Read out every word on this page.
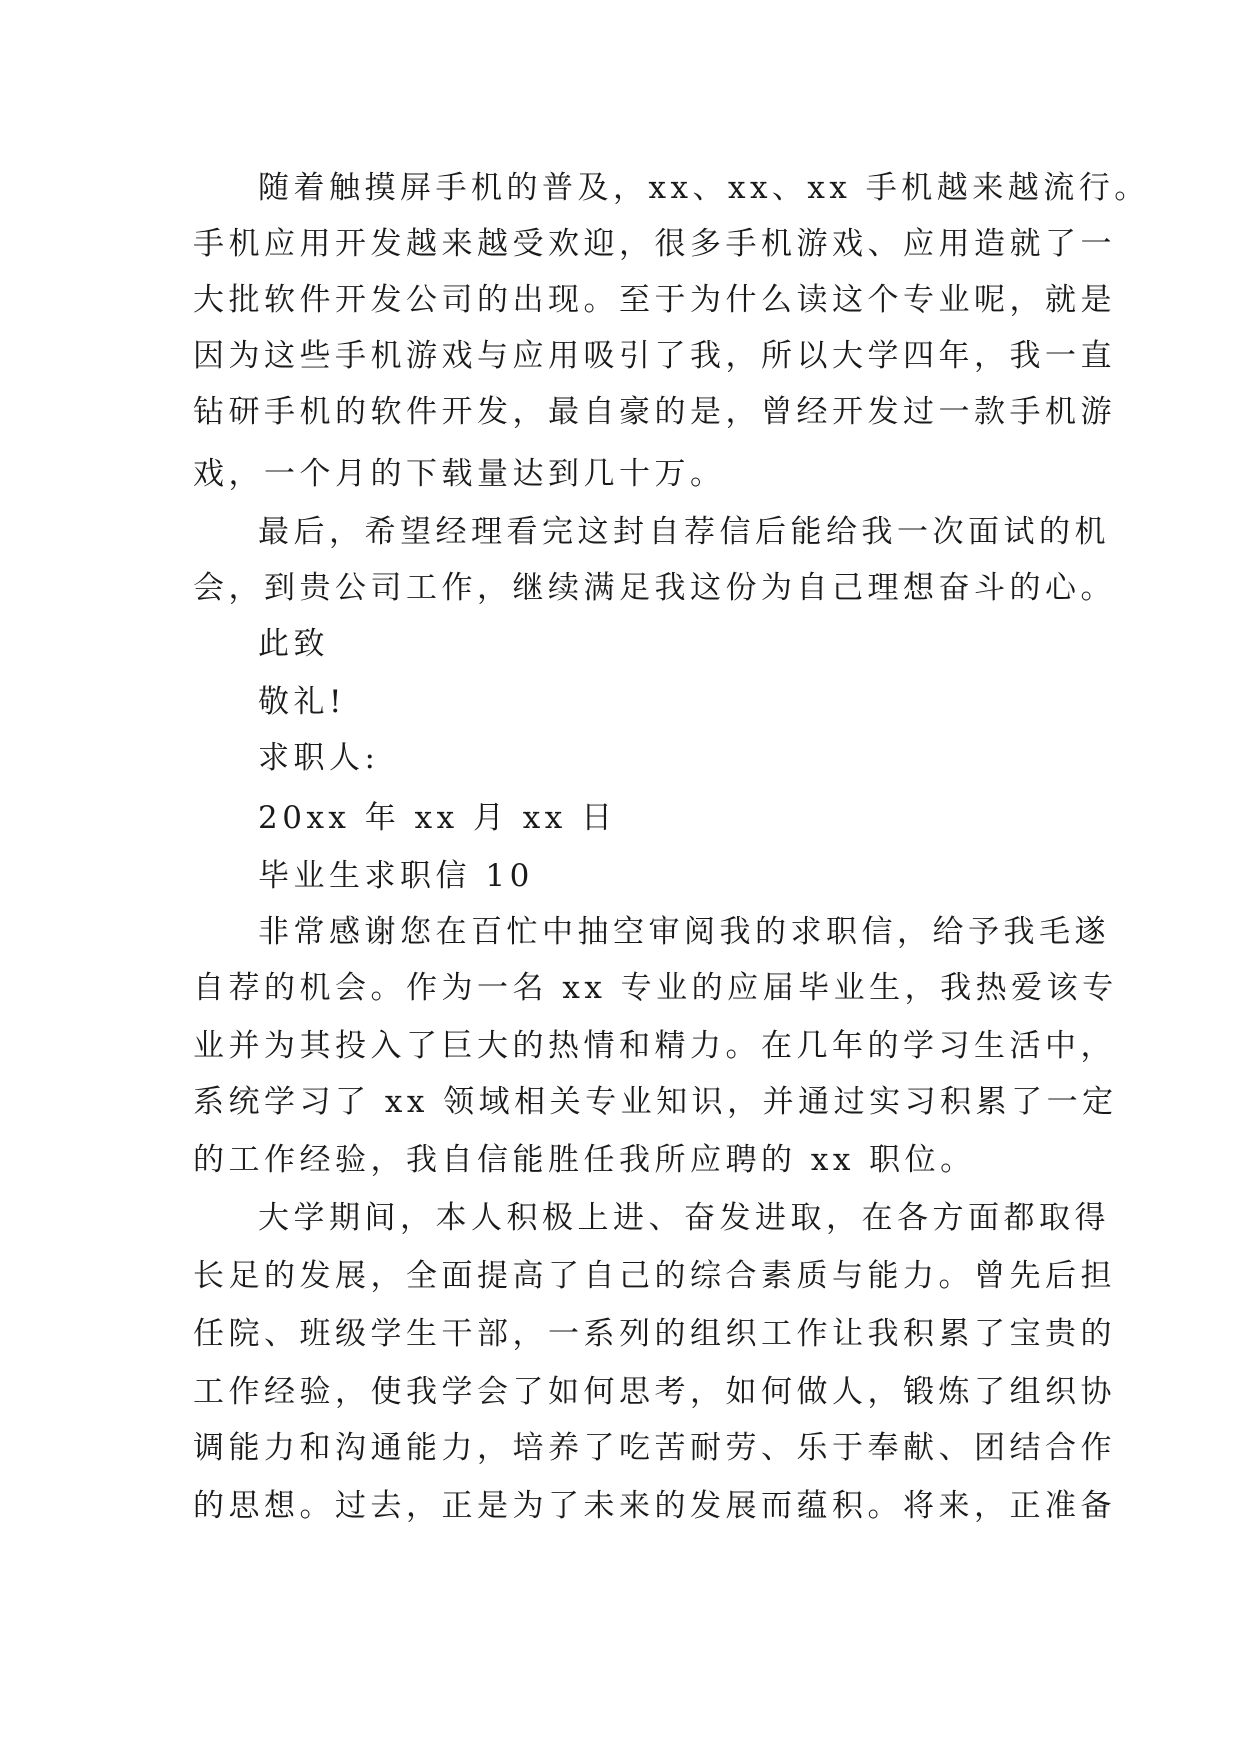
随着触摸屏手机的普及，xx、xx、xx 手机越来越流行。
手机应用开发越来越受欢迎，很多手机游戏、应用造就了一
大批软件开发公司的出现。至于为什么读这个专业呢，就是
因为这些手机游戏与应用吸引了我，所以大学四年，我一直
钻研手机的软件开发，最自豪的是，曾经开发过一款手机游
戏，一个月的下载量达到几十万。
最后，希望经理看完这封自荐信后能给我一次面试的机
会，到贵公司工作，继续满足我这份为自己理想奋斗的心。
此致
敬礼!
求职人:
20xx 年 xx 月 xx 日
毕业生求职信 10
非常感谢您在百忙中抽空审阅我的求职信，给予我毛遂
自荐的机会。作为一名 xx 专业的应届毕业生，我热爱该专
业并为其投入了巨大的热情和精力。在几年的学习生活中，
系统学习了 xx 领域相关专业知识，并通过实习积累了一定
的工作经验，我自信能胜任我所应聘的 xx 职位。
大学期间，本人积极上进、奋发进取，在各方面都取得
长足的发展，全面提高了自己的综合素质与能力。曾先后担
任院、班级学生干部，一系列的组织工作让我积累了宝贵的
工作经验，使我学会了如何思考，如何做人，锻炼了组织协
调能力和沟通能力，培养了吃苦耐劳、乐于奉献、团结合作
的思想。过去，正是为了未来的发展而蕴积。将来，正准备
